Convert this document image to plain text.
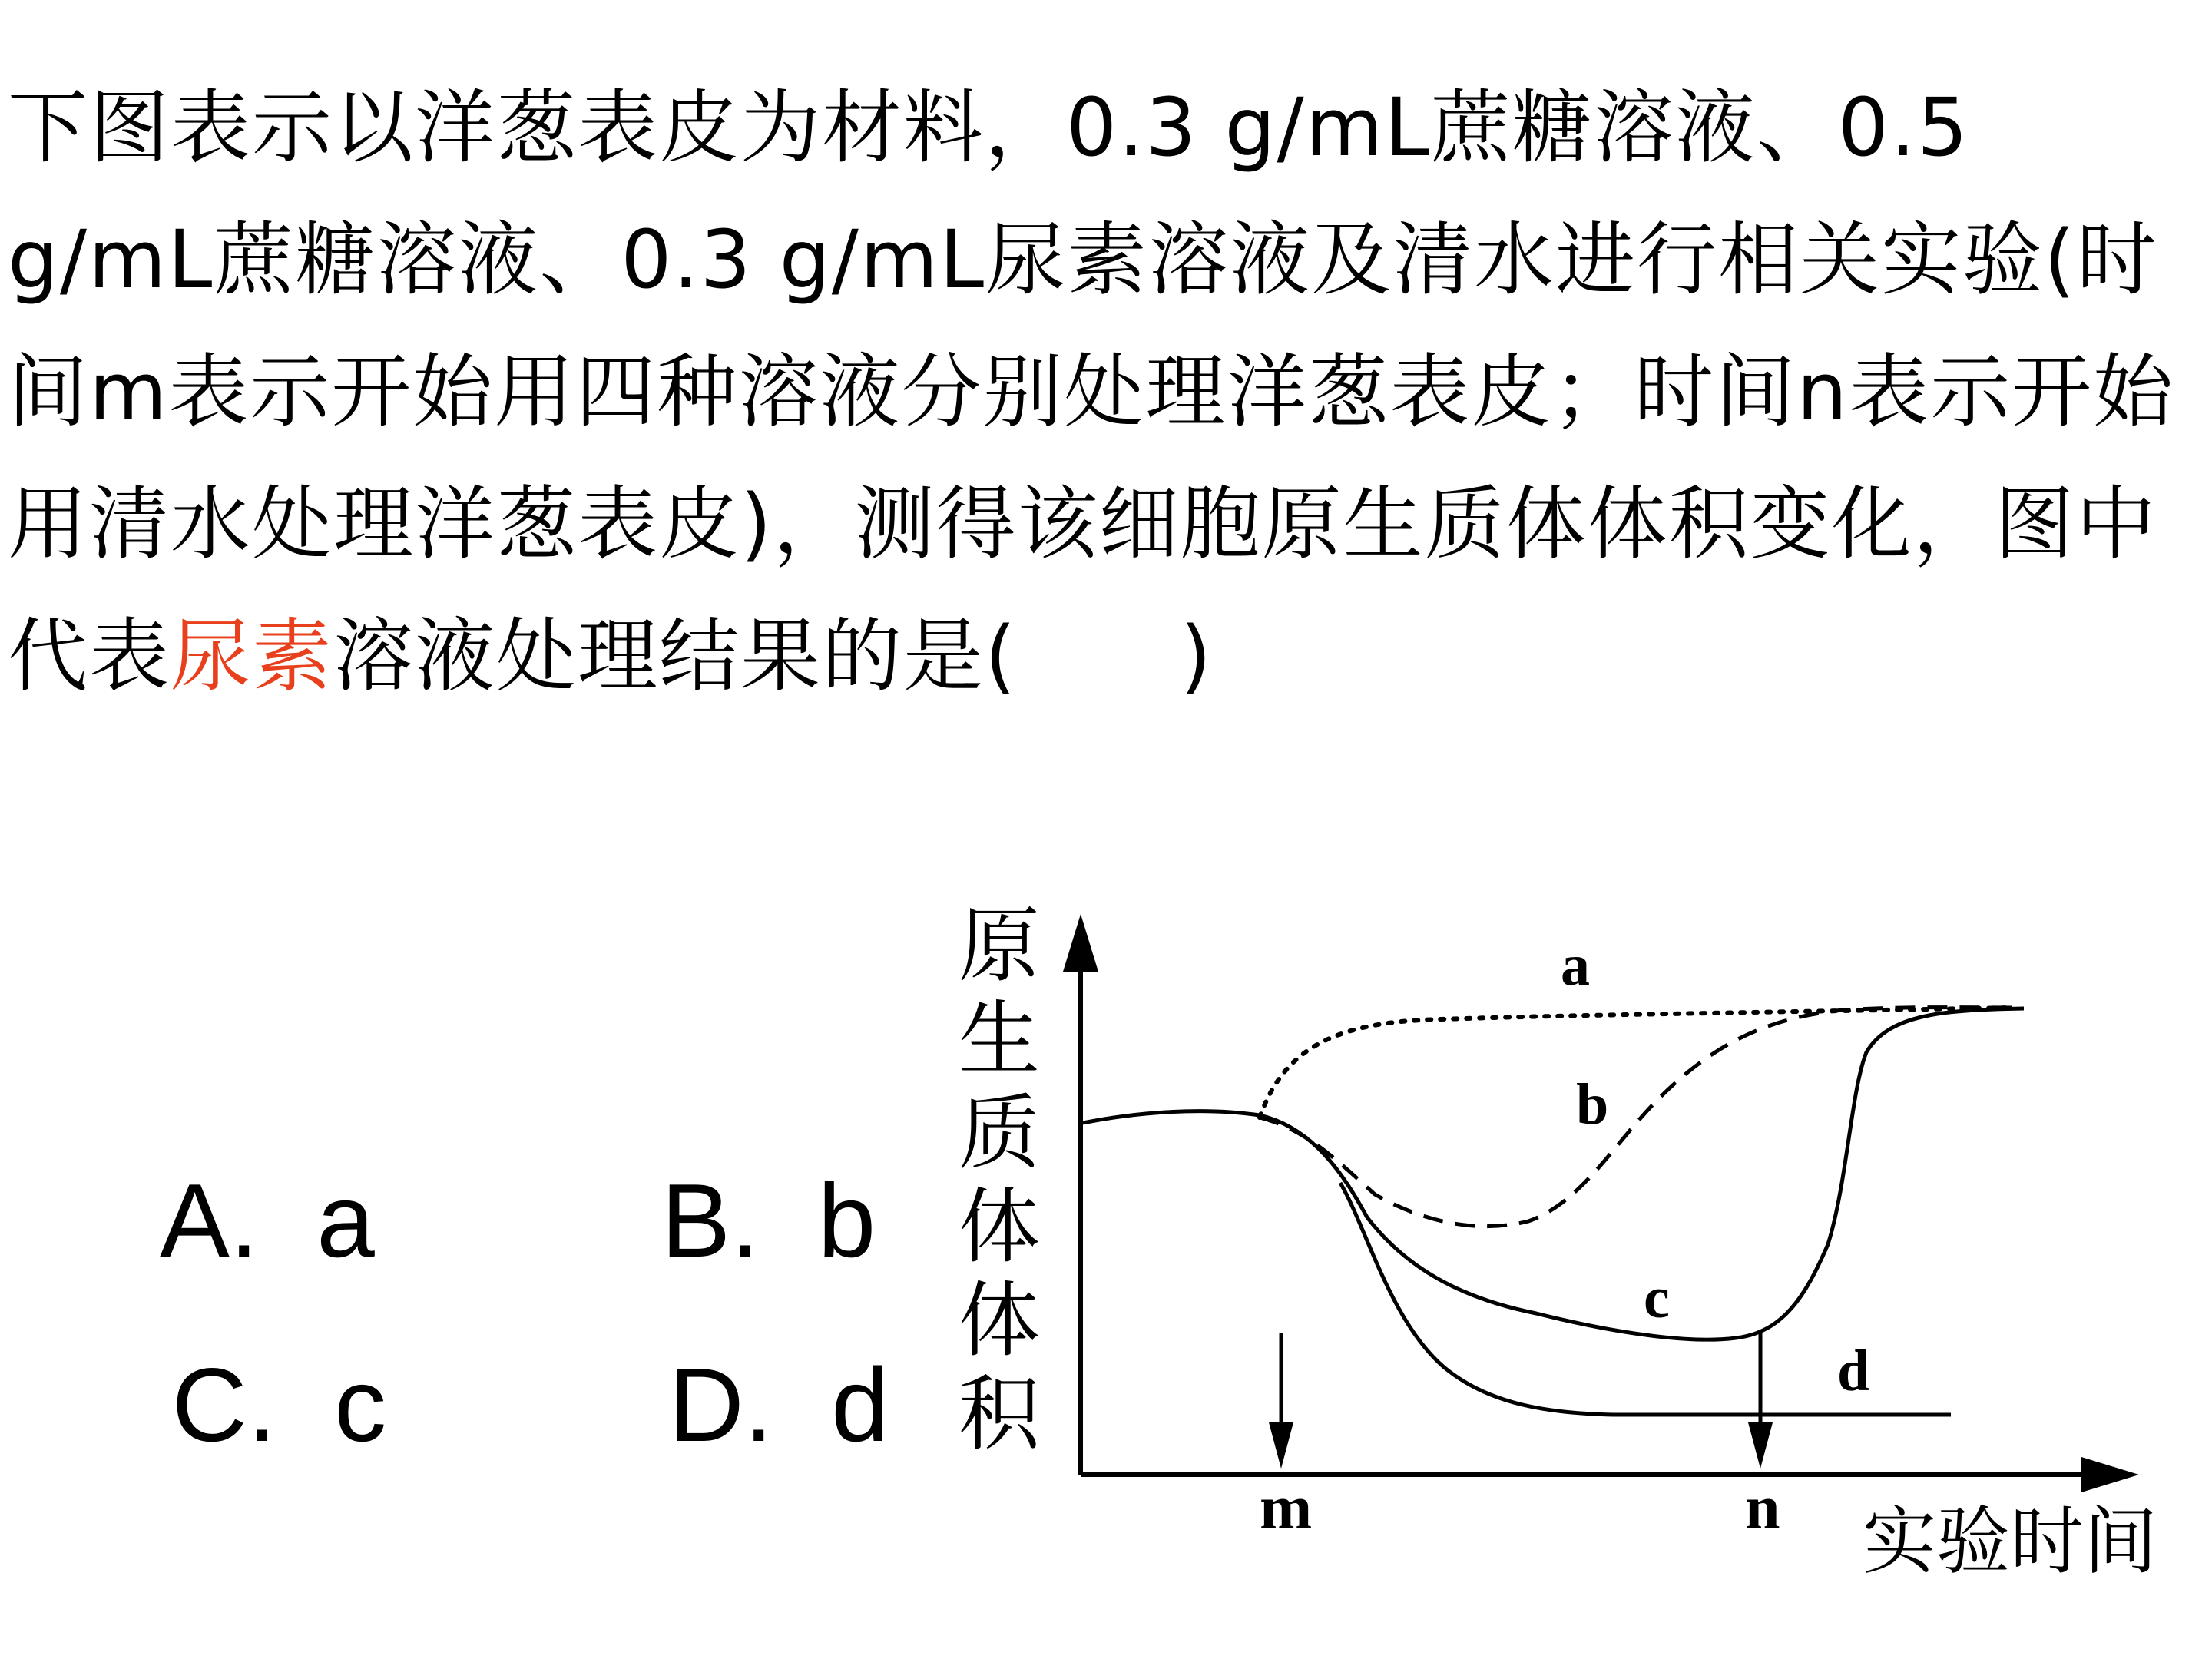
下图表示以洋葱表皮为材料，0.3 g/mL蔗糖溶液、0.5 g/mL蔗糖溶液、0.3 g/mL尿素溶液及清水进行相关实验(时间m表示开始用四种溶液分别处理洋葱表皮；时间n表示开始用清水处理洋葱表皮)，测得该细胞原生质体体积变化，图中代表尿素溶液处理结果的是(　　)

A. a	B. b

C. c	D. d

原
生
质
体
体
积
a
b
c
d
m	n 实验时间
